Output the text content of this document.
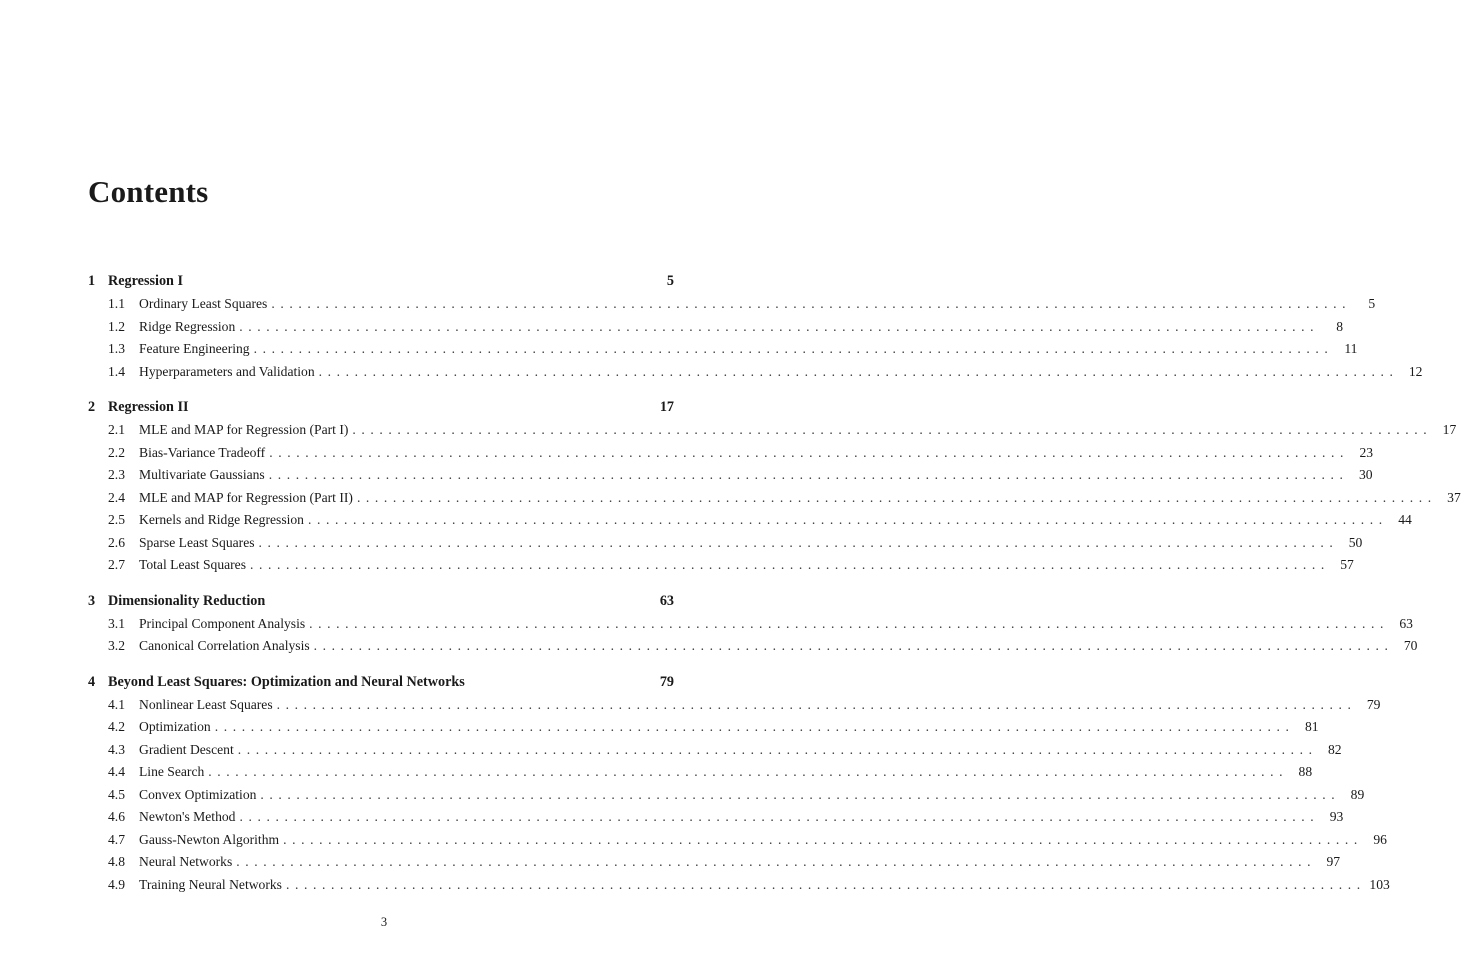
Contents
1 Regression I	5
1.1	Ordinary Least Squares ........................................................................................................................	5
1.2	Ridge Regression ........................................................................................................................	8
1.3	Feature Engineering ........................................................................................................................ 11
1.4	Hyperparameters and Validation ........................................................................................................................ 12
2 Regression II	17
2.1	MLE and MAP for Regression (Part I) ........................................................................................................................ 17
2.2	Bias-Variance Tradeoff ........................................................................................................................ 23
2.3	Multivariate Gaussians ........................................................................................................................ 30
2.4	MLE and MAP for Regression (Part II) ........................................................................................................................ 37
2.5	Kernels and Ridge Regression ........................................................................................................................ 44
2.6	Sparse Least Squares ........................................................................................................................ 50
2.7	Total Least Squares ........................................................................................................................ 57
3 Dimensionality Reduction	63
3.1	Principal Component Analysis ........................................................................................................................ 63
3.2	Canonical Correlation Analysis ........................................................................................................................ 70
4 Beyond Least Squares: Optimization and Neural Networks	79
4.1	Nonlinear Least Squares ........................................................................................................................ 79
4.2	Optimization ........................................................................................................................ 81
4.3	Gradient Descent ........................................................................................................................ 82
4.4	Line Search ........................................................................................................................ 88
4.5	Convex Optimization ........................................................................................................................ 89
4.6	Newton's Method ........................................................................................................................ 93
4.7	Gauss-Newton Algorithm ........................................................................................................................ 96
4.8	Neural Networks ........................................................................................................................ 97
4.9	Training Neural Networks ........................................................................................................................ 103
3
